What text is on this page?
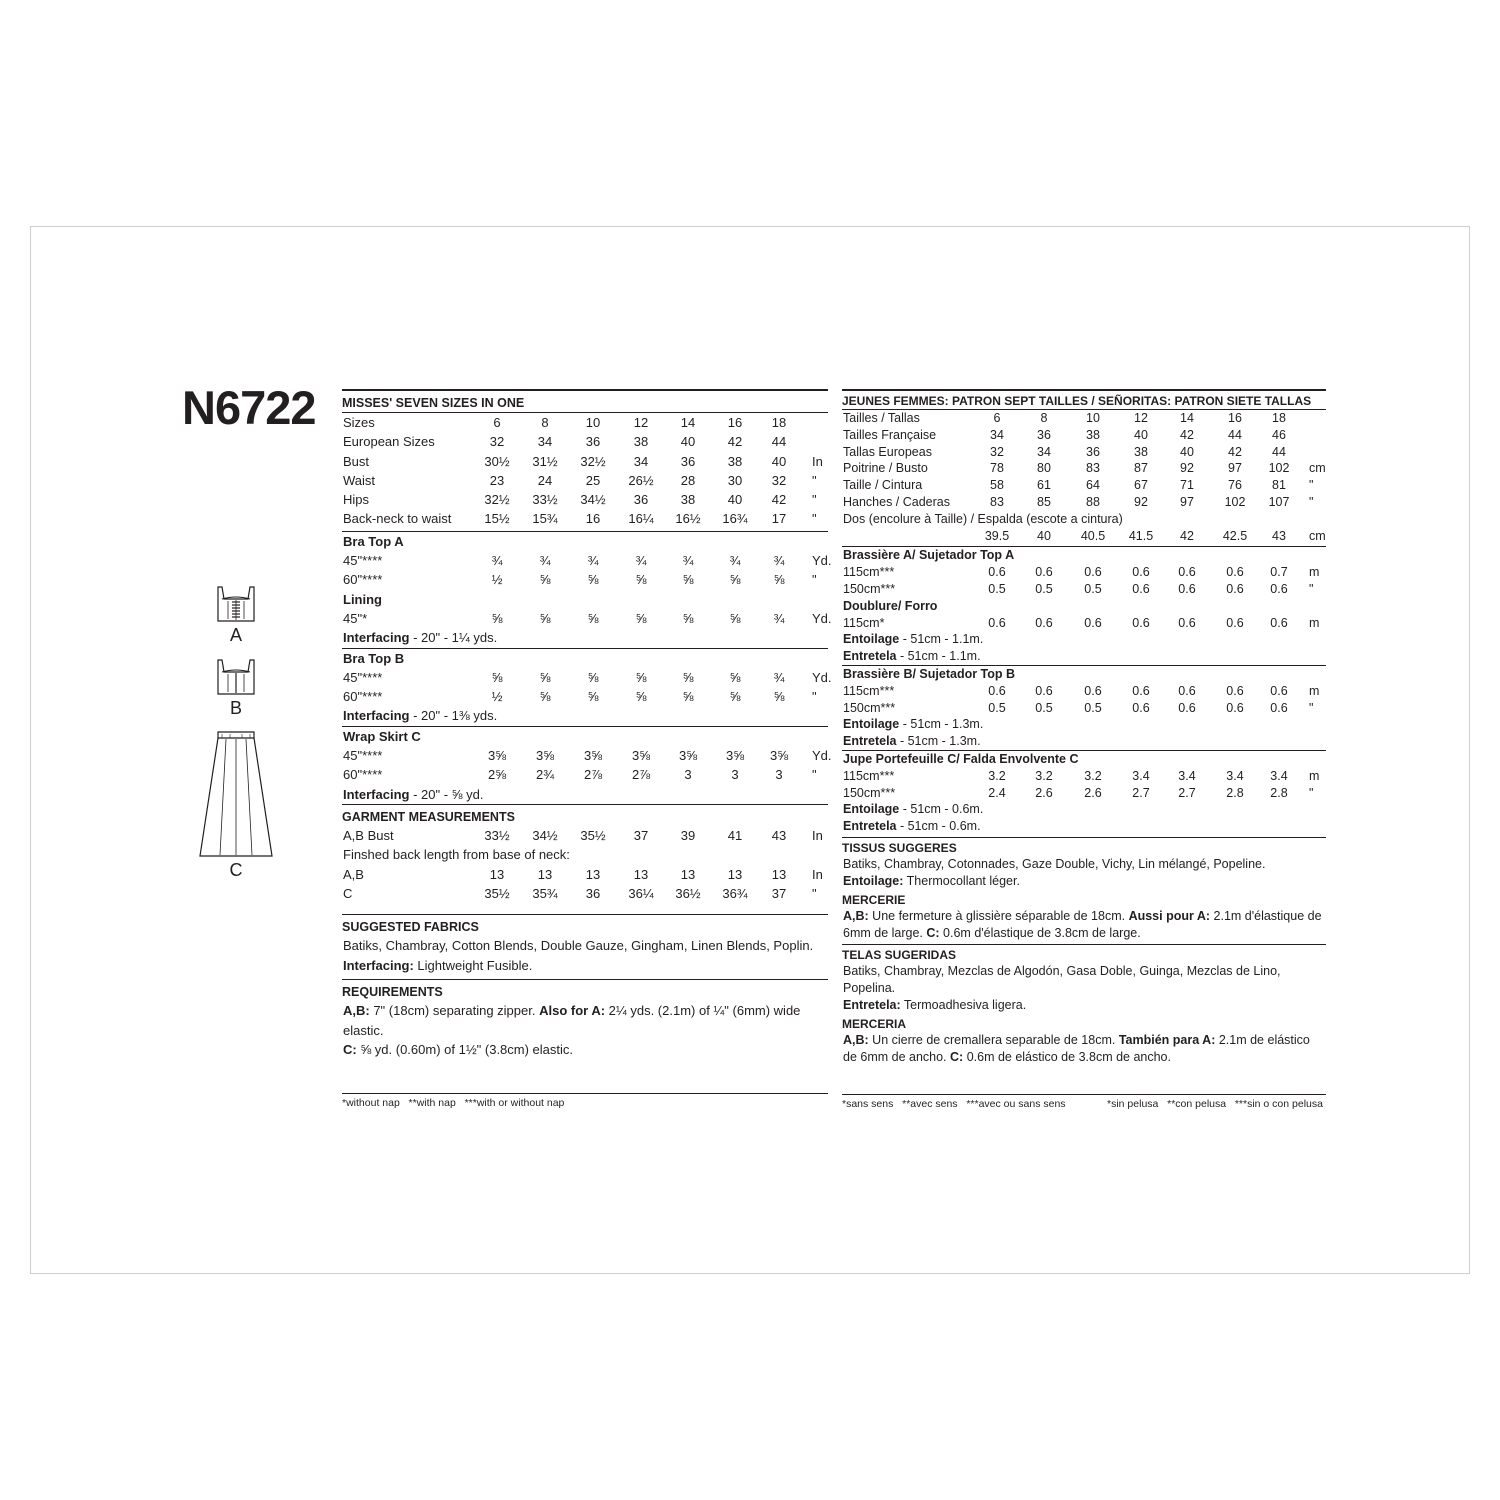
N6722
A
B
C
MISSES' SEVEN SIZES IN ONE
Sizes	6	8	10	12	14	16 18
European Sizes	32	34	36	38	40	42 44
Bust	30½ 31½ 32½ 34	36	38 40 In
Waist	23	24	25 26½ 28	30 32 "
Hips	32½ 33½ 34½ 36	38	40 42 "
Back-neck to waist	15½ 15¾ 16 16¼ 16½ 16¾ 17 "
Bra Top A
45"****	¾	¾	¾	¾	¾	¾	¾ Yd.
60"****	½	⅝	⅝	⅝	⅝	⅝	⅝ "
Lining
45"*	⅝	⅝	⅝	⅝	⅝	⅝	¾ Yd.
Interfacing - 20" - 1¼ yds.
Bra Top B
45"****	⅝	⅝	⅝	⅝	⅝	⅝	¾ Yd.
60"****	½	⅝	⅝	⅝	⅝	⅝	⅝ "
Interfacing - 20" - 1⅜ yds.
Wrap Skirt C
45"****	3⅝ 3⅝ 3⅝ 3⅝ 3⅝ 3⅝ 3⅝ Yd.
60"****	2⅝ 2¾ 2⅞ 2⅞	3	3	3 "
Interfacing - 20" - ⅝ yd.
GARMENT MEASUREMENTS
A,B Bust	33½ 34½ 35½ 37	39	41 43 In
Finshed back length from base of neck:
A,B	13	13	13	13	13	13 13 In
C	35½ 35¾ 36 36¼ 36½ 36¾ 37 "
SUGGESTED FABRICS
Batiks, Chambray, Cotton Blends, Double Gauze, Gingham, Linen Blends, Poplin.
Interfacing: Lightweight Fusible.
REQUIREMENTS
A,B: 7" (18cm) separating zipper. Also for A: 2¼ yds. (2.1m) of ¼" (6mm) wide elastic.
C: ⅝ yd. (0.60m) of 1½" (3.8cm) elastic.
*without nap   **with nap   ***with or without nap
JEUNES FEMMES: PATRON SEPT TAILLES / SEÑORITAS: PATRON SIETE TALLAS
Tailles / Tallas	6	8	10	12	14	16 18
Tailles Française	34	36	38	40	42	44 46
Tallas Europeas	32	34	36	38	40	42 44
Poitrine / Busto	78	80	83	87	92	97 102 cm
Taille / Cintura	58	61	64	67	71	76 81 "
Hanches / Caderas	83	85	88	92	97 102 107 "
Dos (encolure à Taille) / Espalda (escote a cintura)
39.5 40 40.5 41.5 42 42.5 43 cm
Brassière A/ Sujetador Top A
115cm***	0.6 0.6	0.6 0.6 0.6 0.6 0.7 m
150cm***	0.5 0.5	0.5 0.6 0.6 0.6 0.6 "
Doublure/ Forro
115cm*	0.6 0.6	0.6 0.6 0.6 0.6 0.6 m
Entoilage - 51cm - 1.1m.
Entretela - 51cm - 1.1m.
Brassière B/ Sujetador Top B
115cm***	0.6 0.6	0.6 0.6 0.6 0.6 0.6 m
150cm***	0.5 0.5	0.5 0.6 0.6 0.6 0.6 "
Entoilage - 51cm - 1.3m.
Entretela - 51cm - 1.3m.
Jupe Portefeuille C/ Falda Envolvente C
115cm***	3.2 3.2	3.2 3.4 3.4 3.4 3.4 m
150cm***	2.4 2.6	2.6 2.7 2.7 2.8 2.8 "
Entoilage - 51cm - 0.6m.
Entretela - 51cm - 0.6m.
TISSUS SUGGERES
Batiks, Chambray, Cotonnades, Gaze Double, Vichy, Lin mélangé, Popeline.
Entoilage: Thermocollant léger.
MERCERIE
A,B: Une fermeture à glissière séparable de 18cm. Aussi pour A: 2.1m d'élastique de 6mm de large. C: 0.6m d'élastique de 3.8cm de large.
TELAS SUGERIDAS
Batiks, Chambray, Mezclas de Algodón, Gasa Doble, Guinga, Mezclas de Lino, Popelina.
Entretela: Termoadhesiva ligera.
MERCERIA
A,B: Un cierre de cremallera separable de 18cm. También para A: 2.1m de elástico de 6mm de ancho. C: 0.6m de elástico de 3.8cm de ancho.
*sans sens   **avec sens   ***avec ou sans sens	*sin pelusa   **con pelusa   ***sin o con pelusa
